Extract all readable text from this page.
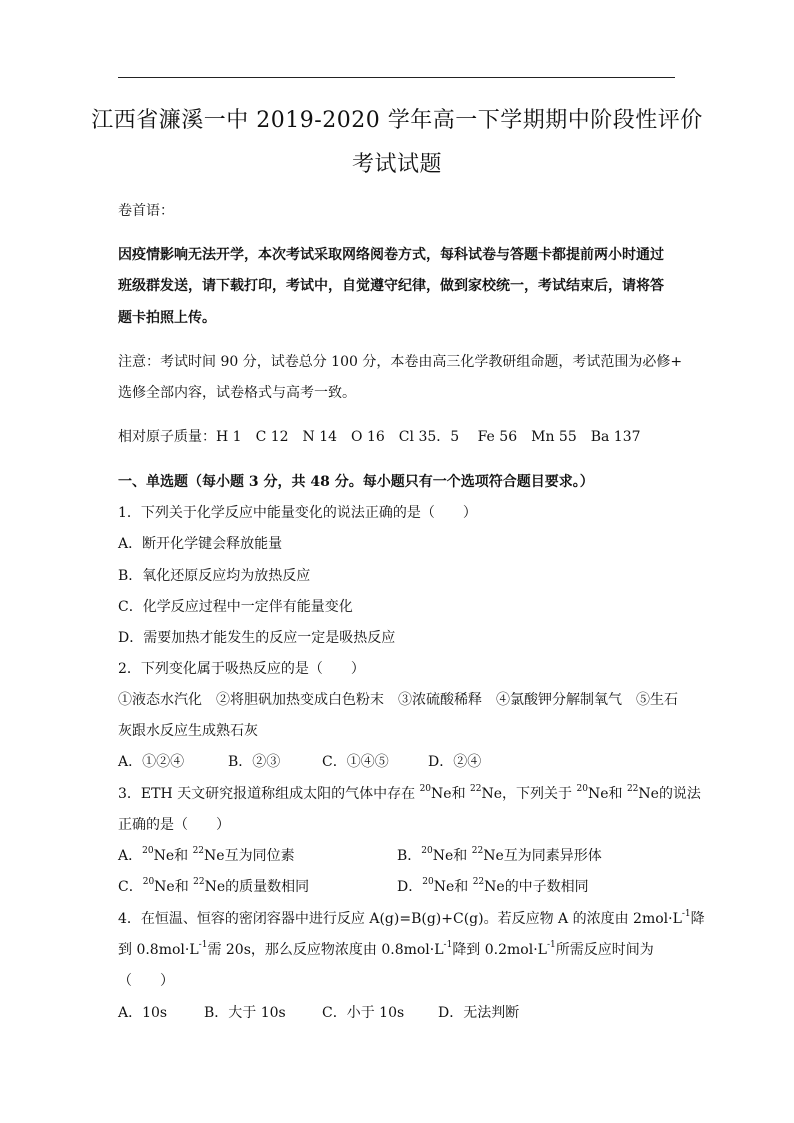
江西省濂溪一中 2019-2020 学年高一下学期期中阶段性评价
考试试题
卷首语：
因疫情影响无法开学，本次考试采取网络阅卷方式，每科试卷与答题卡都提前两小时通过
班级群发送，请下载打印，考试中，自觉遵守纪律，做到家校统一，考试结束后，请将答
题卡拍照上传。
注意：考试时间 90 分，试卷总分 100 分，本卷由高三化学教研组命题，考试范围为必修+
选修全部内容，试卷格式与高考一致。
相对原子质量：H 1　C 12　N 14　O 16　Cl 35．5　 Fe 56　Mn 55　Ba 137
一、单选题（每小题 3 分，共 48 分。每小题只有一个选项符合题目要求。）
1．下列关于化学反应中能量变化的说法正确的是（　　）
A．断开化学键会释放能量
B．氧化还原反应均为放热反应
C．化学反应过程中一定伴有能量变化
D．需要加热才能发生的反应一定是吸热反应
2．下列变化属于吸热反应的是（　　）
①液态水汽化　②将胆矾加热变成白色粉末　③浓硫酸稀释　④氯酸钾分解制氧气　⑤生石
灰跟水反应生成熟石灰
A．①②④	B．②③	C．①④⑤	D．②④
3．ETH 天文研究报道称组成太阳的气体中存在 $^{20}$Ne和 $^{22}$Ne，下列关于 $^{20}$Ne和 $^{22}$Ne的说法
正确的是（　　）
A．$^{20}$Ne和 $^{22}$Ne互为同位素	B．$^{20}$Ne和 $^{22}$Ne互为同素异形体
C．$^{20}$Ne和 $^{22}$Ne的质量数相同	D．$^{20}$Ne和 $^{22}$Ne的中子数相同
4．在恒温、恒容的密闭容器中进行反应 A(g)=B(g)+C(g)。若反应物 A 的浓度由 $2mol\cdot L^{-1}$降
到 $0.8mol\cdot L^{-1}$需 20s，那么反应物浓度由 $0.8mol\cdot L^{-1}$降到 $0.2mol\cdot L^{-1}$所需反应时间为
（　　）
A．10s	B．大于 10s	C．小于 10s D．无法判断
